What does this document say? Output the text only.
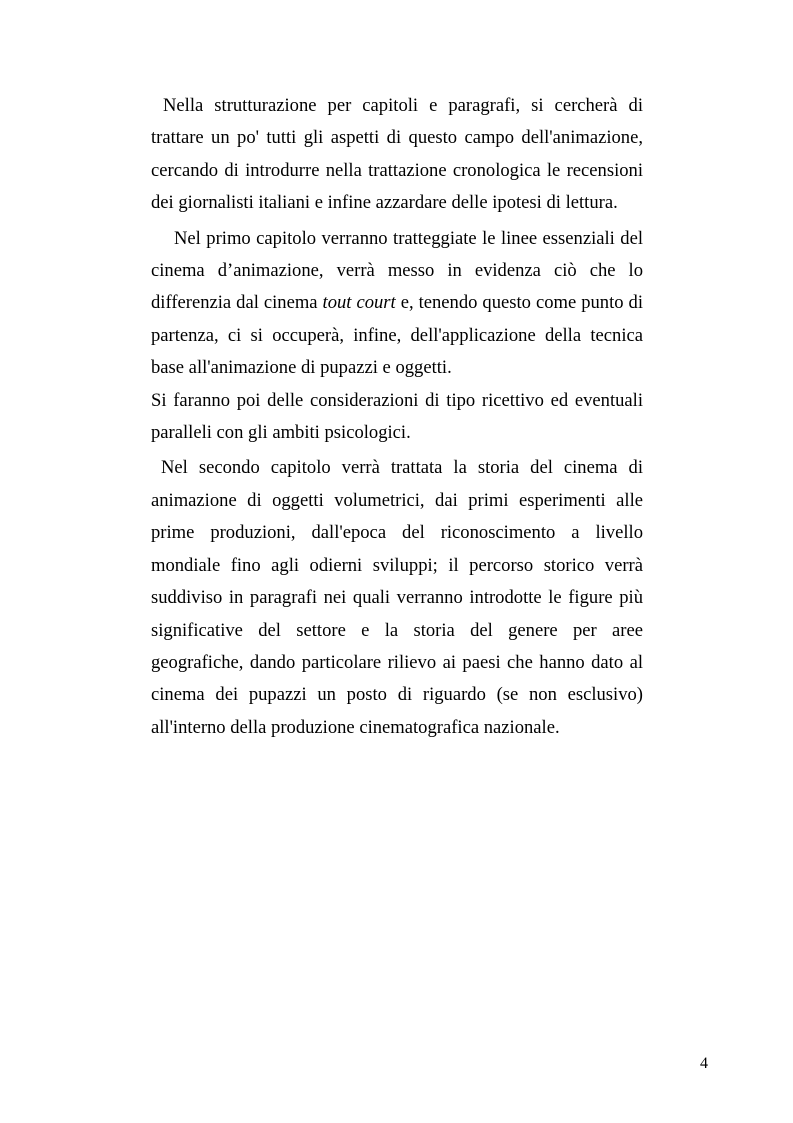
Nella strutturazione per capitoli e paragrafi, si cercherà di trattare un po' tutti gli aspetti di questo campo dell'animazione, cercando di introdurre nella trattazione cronologica le recensioni dei giornalisti italiani e infine azzardare delle ipotesi di lettura.

Nel primo capitolo verranno tratteggiate le linee essenziali del cinema d’animazione, verrà messo in evidenza ciò che lo differenzia dal cinema tout court e, tenendo questo come punto di partenza, ci si occuperà, infine, dell'applicazione della tecnica base all'animazione di pupazzi e oggetti.

Si faranno poi delle considerazioni di tipo ricettivo ed eventuali paralleli con gli ambiti psicologici.

Nel secondo capitolo verrà trattata la storia del cinema di animazione di oggetti volumetrici, dai primi esperimenti alle prime produzioni, dall'epoca del riconoscimento a livello mondiale fino agli odierni sviluppi; il percorso storico verrà suddiviso in paragrafi nei quali verranno introdotte le figure più significative del settore e la storia del genere per aree geografiche, dando particolare rilievo ai paesi che hanno dato al cinema dei pupazzi un posto di riguardo (se non esclusivo) all'interno della produzione cinematografica nazionale.

4
